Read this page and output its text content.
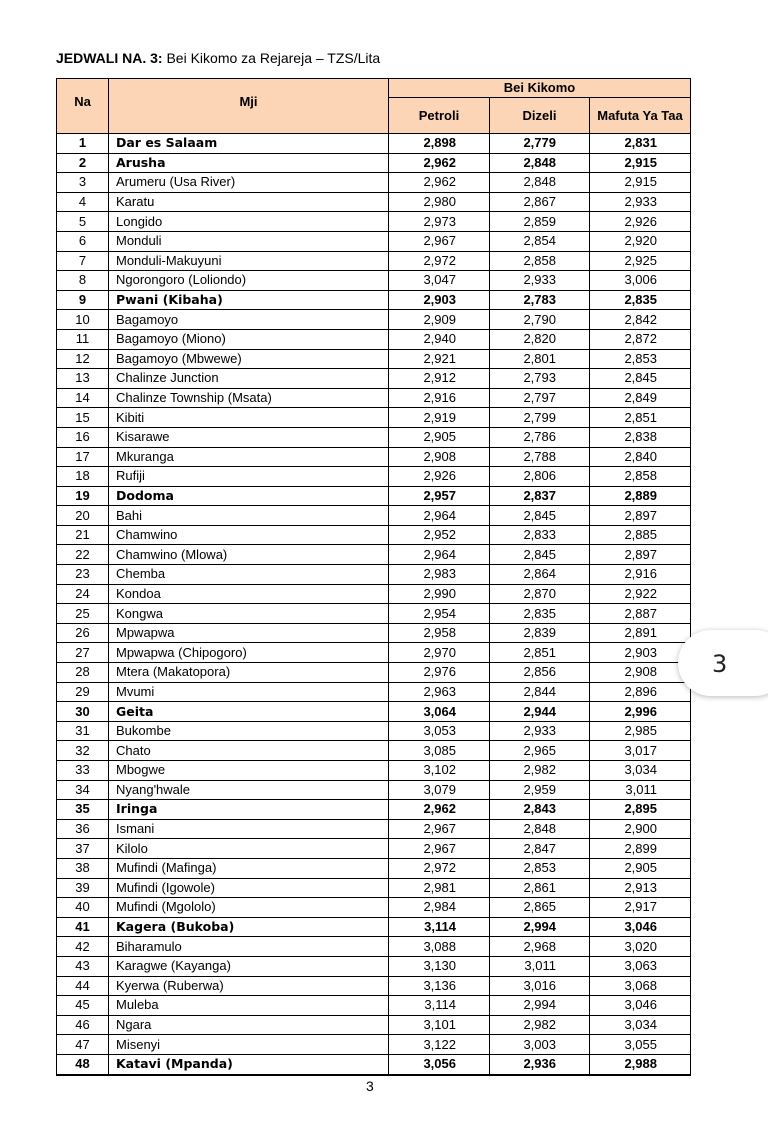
JEDWALI NA. 3: Bei Kikomo za Rejareja – TZS/Lita
Na	Mji	Bei Kikomo		
		Petroli	Dizeli	Mafuta Ya Taa
1	Dar es Salaam	2,898	2,779	2,831
2	Arusha	2,962	2,848	2,915
3	Arumeru (Usa River)	2,962	2,848	2,915
4	Karatu	2,980	2,867	2,933
5	Longido	2,973	2,859	2,926
6	Monduli	2,967	2,854	2,920
7	Monduli-Makuyuni	2,972	2,858	2,925
8	Ngorongoro (Loliondo)	3,047	2,933	3,006
9	Pwani (Kibaha)	2,903	2,783	2,835
10	Bagamoyo	2,909	2,790	2,842
11	Bagamoyo (Miono)	2,940	2,820	2,872
12	Bagamoyo (Mbwewe)	2,921	2,801	2,853
13	Chalinze Junction	2,912	2,793	2,845
14	Chalinze Township (Msata)	2,916	2,797	2,849
15	Kibiti	2,919	2,799	2,851
16	Kisarawe	2,905	2,786	2,838
17	Mkuranga	2,908	2,788	2,840
18	Rufiji	2,926	2,806	2,858
19	Dodoma	2,957	2,837	2,889
20	Bahi	2,964	2,845	2,897
21	Chamwino	2,952	2,833	2,885
22	Chamwino (Mlowa)	2,964	2,845	2,897
23	Chemba	2,983	2,864	2,916
24	Kondoa	2,990	2,870	2,922
25	Kongwa	2,954	2,835	2,887
26	Mpwapwa	2,958	2,839	2,891
27	Mpwapwa (Chipogoro)	2,970	2,851	2,903
28	Mtera (Makatopora)	2,976	2,856	2,908
29	Mvumi	2,963	2,844	2,896
30	Geita	3,064	2,944	2,996
31	Bukombe	3,053	2,933	2,985
32	Chato	3,085	2,965	3,017
33	Mbogwe	3,102	2,982	3,034
34	Nyang'hwale	3,079	2,959	3,011
35	Iringa	2,962	2,843	2,895
36	Ismani	2,967	2,848	2,900
37	Kilolo	2,967	2,847	2,899
38	Mufindi (Mafinga)	2,972	2,853	2,905
39	Mufindi (Igowole)	2,981	2,861	2,913
40	Mufindi (Mgololo)	2,984	2,865	2,917
41	Kagera (Bukoba)	3,114	2,994	3,046
42	Biharamulo	3,088	2,968	3,020
43	Karagwe (Kayanga)	3,130	3,011	3,063
44	Kyerwa (Ruberwa)	3,136	3,016	3,068
45	Muleba	3,114	2,994	3,046
46	Ngara	3,101	2,982	3,034
47	Misenyi	3,122	3,003	3,055
48	Katavi (Mpanda)	3,056	2,936	2,988
3
3
